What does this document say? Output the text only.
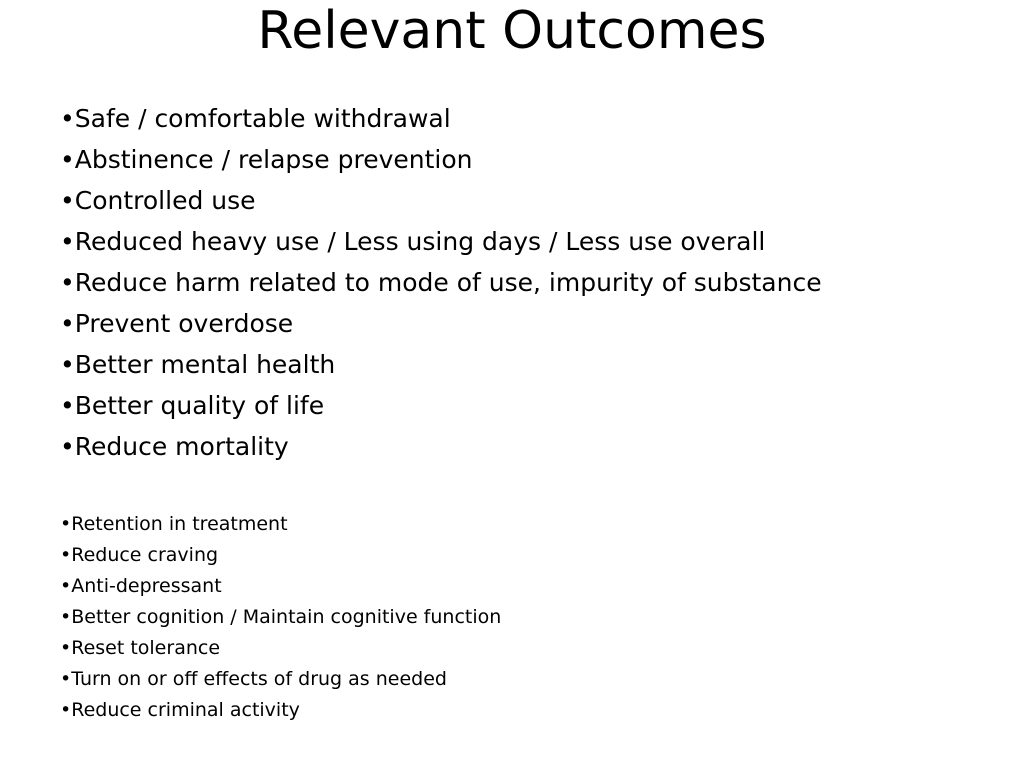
Relevant Outcomes
•Safe / comfortable withdrawal
•Abstinence / relapse prevention
•Controlled use
•Reduced heavy use / Less using days / Less use overall
•Reduce harm related to mode of use, impurity of substance
•Prevent overdose
•Better mental health
•Better quality of life
•Reduce mortality
•Retention in treatment
•Reduce craving
•Anti-depressant
•Better cognition / Maintain cognitive function
•Reset tolerance
•Turn on or off effects of drug as needed
•Reduce criminal activity
